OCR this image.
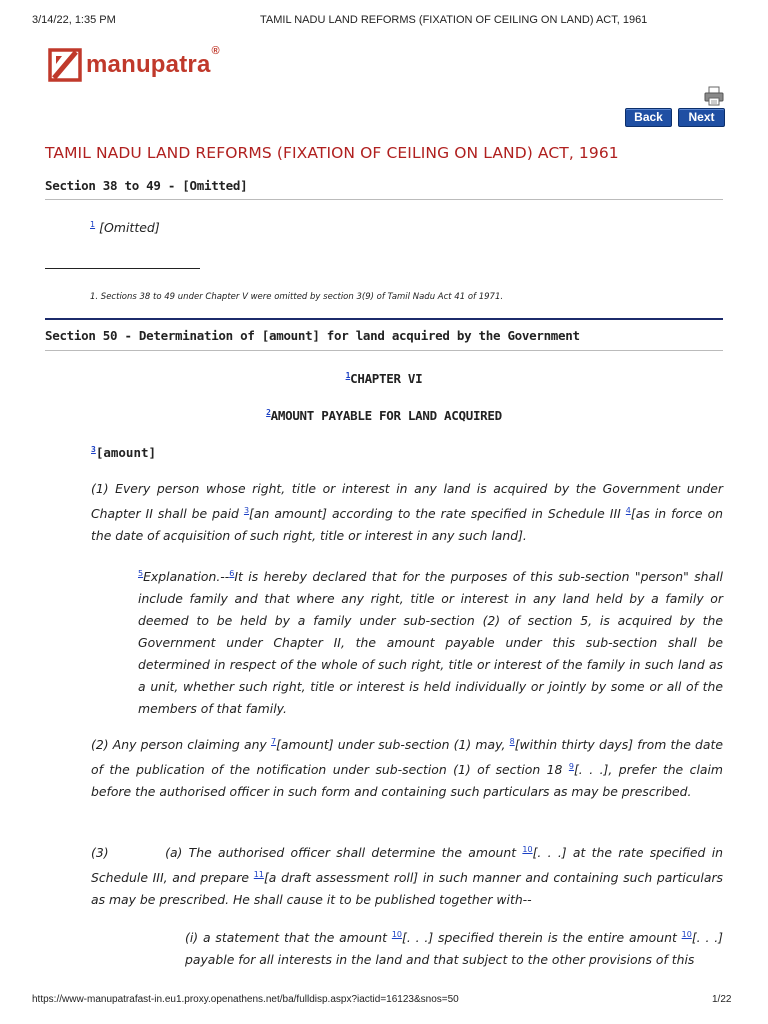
3/14/22, 1:35 PM	TAMIL NADU LAND REFORMS (FIXATION OF CEILING ON LAND) ACT, 1961
manupatra®
Back	Next
TAMIL NADU LAND REFORMS (FIXATION OF CEILING ON LAND) ACT, 1961
Section 38 to 49 - [Omitted]
$^1$ [Omitted]
1. Sections 38 to 49 under Chapter V were omitted by section 3(9) of Tamil Nadu Act 41 of 1971.
Section 50 - Determination of [amount] for land acquired by the Government
$^1$CHAPTER VI
$^2$AMOUNT PAYABLE FOR LAND ACQUIRED
$^3$[amount]
(1) Every person whose right, title or interest in any land is acquired by the Government under Chapter II shall be paid $^3$[an amount] according to the rate specified in Schedule III $^4$[as in force on the date of acquisition of such right, title or interest in any such land].
$^5$Explanation.--$^6$It is hereby declared that for the purposes of this sub-section "person" shall include family and that where any right, title or interest in any land held by a family or deemed to be held by a family under sub-section (2) of section 5, is acquired by the Government under Chapter II, the amount payable under this sub-section shall be determined in respect of the whole of such right, title or interest of the family in such land as a unit, whether such right, title or interest is held individually or jointly by some or all of the members of that family.
(2) Any person claiming any $^7$[amount] under sub-section (1) may, $^8$[within thirty days] from the date of the publication of the notification under sub-section (1) of section 18 $^9$[. . .], prefer the claim before the authorised officer in such form and containing such particulars as may be prescribed.
(3)         (a) The authorised officer shall determine the amount $^{10}$[. . .] at the rate specified in Schedule III, and prepare $^{11}$[a draft assessment roll] in such manner and containing such particulars as may be prescribed. He shall cause it to be published together with--
(i) a statement that the amount $^{10}$[. . .] specified therein is the entire amount $^{10}$[. . .] payable for all interests in the land and that subject to the other provisions of this
https://www-manupatrafast-in.eu1.proxy.openathens.net/ba/fulldisp.aspx?iactid=16123&snos=50	1/22
